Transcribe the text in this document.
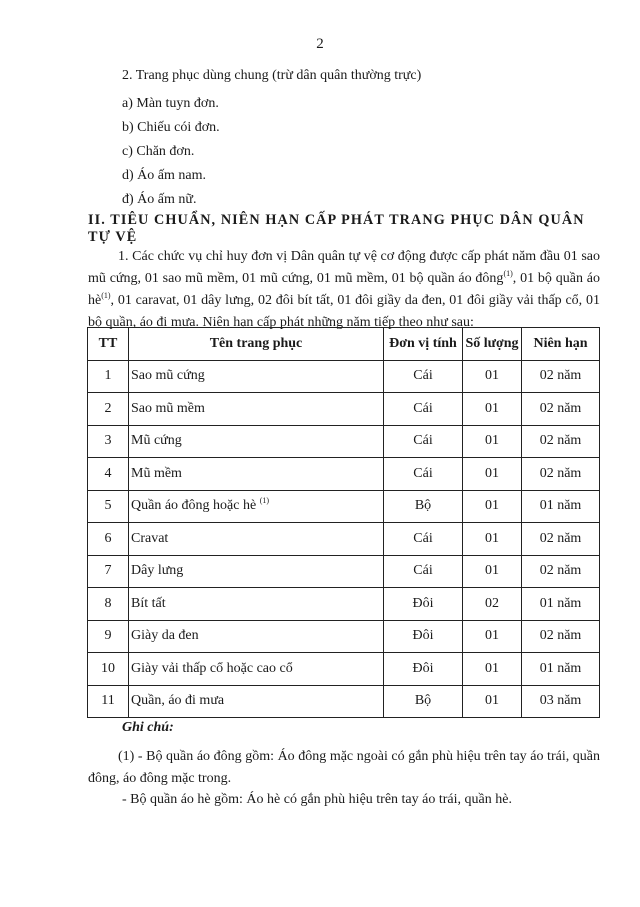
2
2. Trang phục dùng chung (trừ dân quân thường trực)
a) Màn tuyn đơn.
b) Chiếu cói đơn.
c) Chăn đơn.
d) Áo ấm nam.
đ) Áo ấm nữ.
II. TIÊU CHUẨN, NIÊN HẠN CẤP PHÁT TRANG PHỤC DÂN QUÂN TỰ VỆ
1. Các chức vụ chỉ huy đơn vị Dân quân tự vệ cơ động được cấp phát năm đầu 01 sao mũ cứng, 01 sao mũ mềm, 01 mũ cứng, 01 mũ mềm, 01 bộ quần áo đông$^{(1)}$, 01 bộ quần áo $hè^{(1)}$, 01 caravat, 01 dây lưng, 02 đôi bít tất, 01 đôi giầy da đen, 01 đôi giầy vải thấp cổ, 01 bộ quần, áo đi mưa. Niên hạn cấp phát những năm tiếp theo như sau:
TT	Tên trang phục	Đơn vị tính	Số lượng	Niên hạn
1	Sao mũ cứng	Cái	01	02 năm
2	Sao mũ mềm	Cái	01	02 năm
3	Mũ cứng	Cái	01	02 năm
4	Mũ mềm	Cái	01	02 năm
5	Quần áo đông hoặc hè $^{(1)}$	Bộ	01	01 năm
6	Cravat	Cái	01	02 năm
7	Dây lưng	Cái	01	02 năm
8	Bít tất	Đôi	02	01 năm
9	Giày da đen	Đôi	01	02 năm
10	Giày vải thấp cổ hoặc cao cổ	Đôi	01	01 năm
11	Quần, áo đi mưa	Bộ	01	03 năm
Ghi chú:
(1) - Bộ quần áo đông gồm: Áo đông mặc ngoài có gắn phù hiệu trên tay áo trái, quần đông, áo đông mặc trong.
- Bộ quần áo hè gồm: Áo hè có gắn phù hiệu trên tay áo trái, quần hè.
